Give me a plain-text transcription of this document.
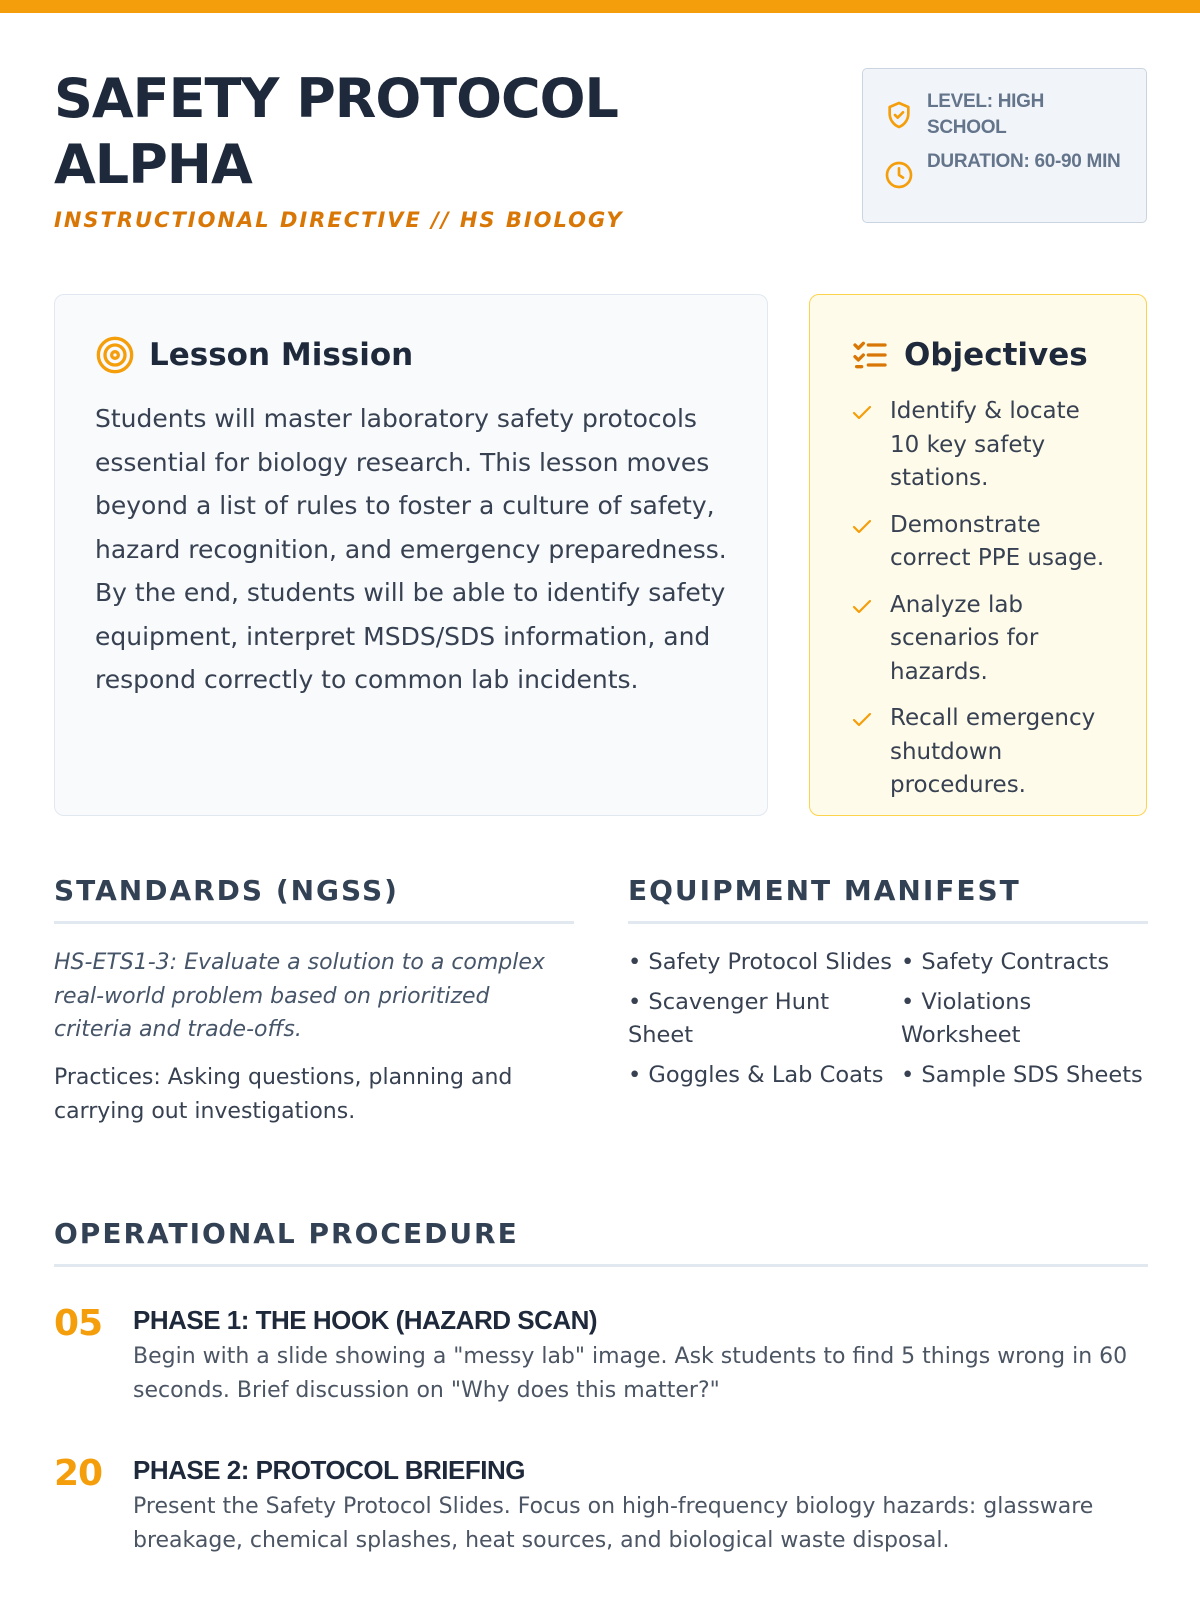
SAFETY PROTOCOL ALPHA
INSTRUCTIONAL DIRECTIVE // HS BIOLOGY
LEVEL: HIGH SCHOOL
DURATION: 60-90 MIN
Lesson Mission

Students will master laboratory safety protocols essential for biology research. This lesson moves beyond a list of rules to foster a culture of safety, hazard recognition, and emergency preparedness. By the end, students will be able to identify safety equipment, interpret MSDS/SDS information, and respond correctly to common lab incidents.

Objectives
Identify & locate 10 key safety stations.
Demonstrate correct PPE usage.
Analyze lab scenarios for hazards.
Recall emergency shutdown procedures.
STANDARDS (NGSS)
HS-ETS1-3: Evaluate a solution to a complex real-world problem based on prioritized criteria and trade-offs.
Practices: Asking questions, planning and carrying out investigations.
EQUIPMENT MANIFEST
• Safety Protocol Slides • Safety Contracts
• Scavenger Hunt Sheet
• Violations Worksheet
• Goggles & Lab Coats • Sample SDS Sheets
OPERATIONAL PROCEDURE
05	PHASE 1: THE HOOK (HAZARD SCAN)

Begin with a slide showing a "messy lab" image. Ask students to find 5 things wrong in 60 seconds. Brief discussion on "Why does this matter?"

20	PHASE 2: PROTOCOL BRIEFING

Present the Safety Protocol Slides. Focus on high-frequency biology hazards: glassware breakage, chemical splashes, heat sources, and biological waste disposal.
